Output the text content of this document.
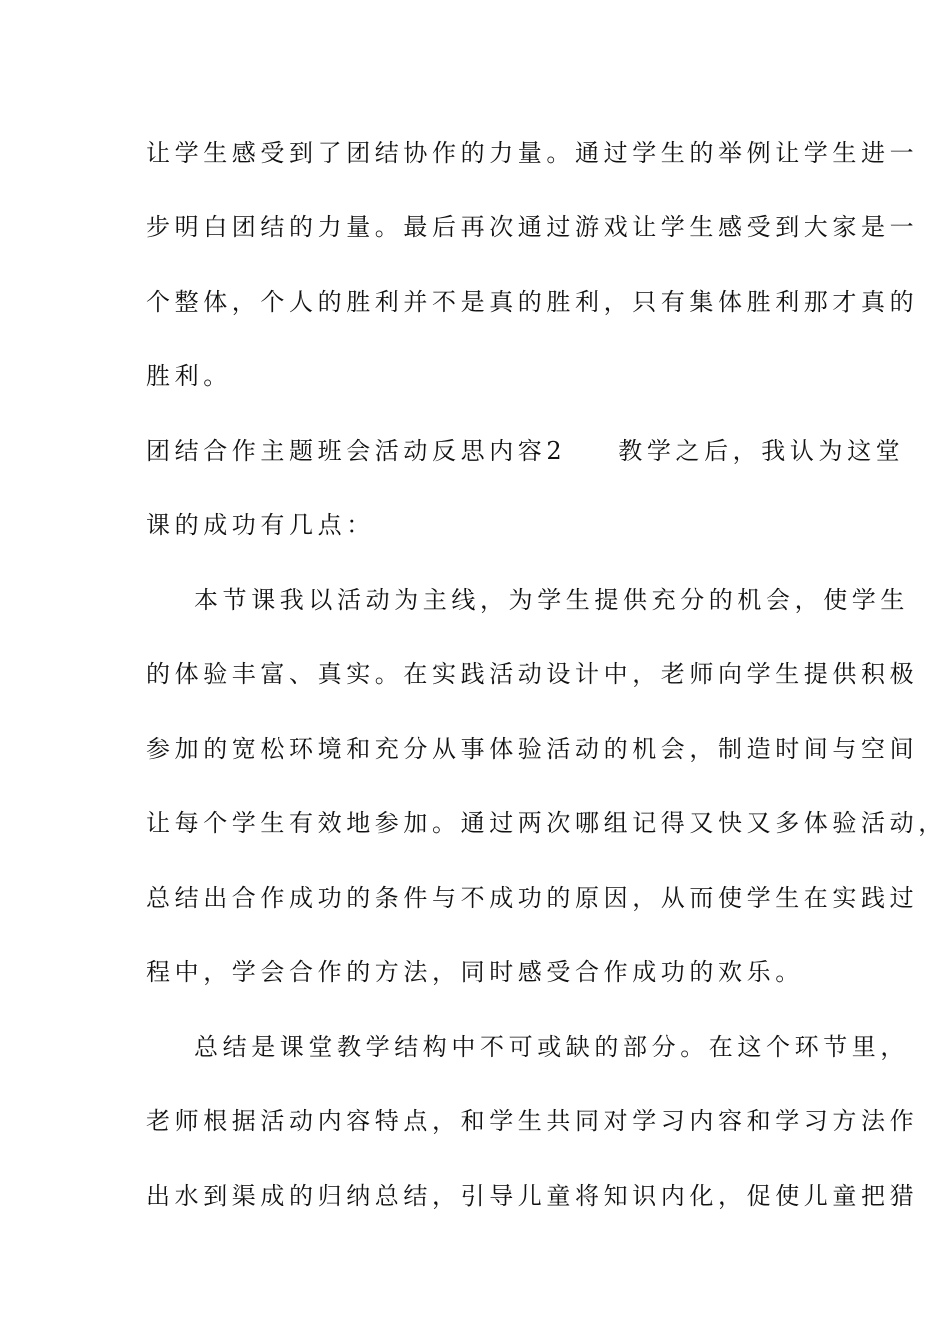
让学生感受到了团结协作的力量。通过学生的举例让学生进一
步明白团结的力量。最后再次通过游戏让学生感受到大家是一
个整体，个人的胜利并不是真的胜利，只有集体胜利那才真的
胜利。
团结合作主题班会活动反思内容2 教学之后，我认为这堂
课的成功有几点：
本节课我以活动为主线，为学生提供充分的机会，使学生
的体验丰富、真实。在实践活动设计中，老师向学生提供积极
参加的宽松环境和充分从事体验活动的机会，制造时间与空间
让每个学生有效地参加。通过两次哪组记得又快又多体验活动，
总结出合作成功的条件与不成功的原因，从而使学生在实践过
程中，学会合作的方法，同时感受合作成功的欢乐。
总结是课堂教学结构中不可或缺的部分。在这个环节里，
老师根据活动内容特点，和学生共同对学习内容和学习方法作
出水到渠成的归纳总结，引导儿童将知识内化，促使儿童把猎
